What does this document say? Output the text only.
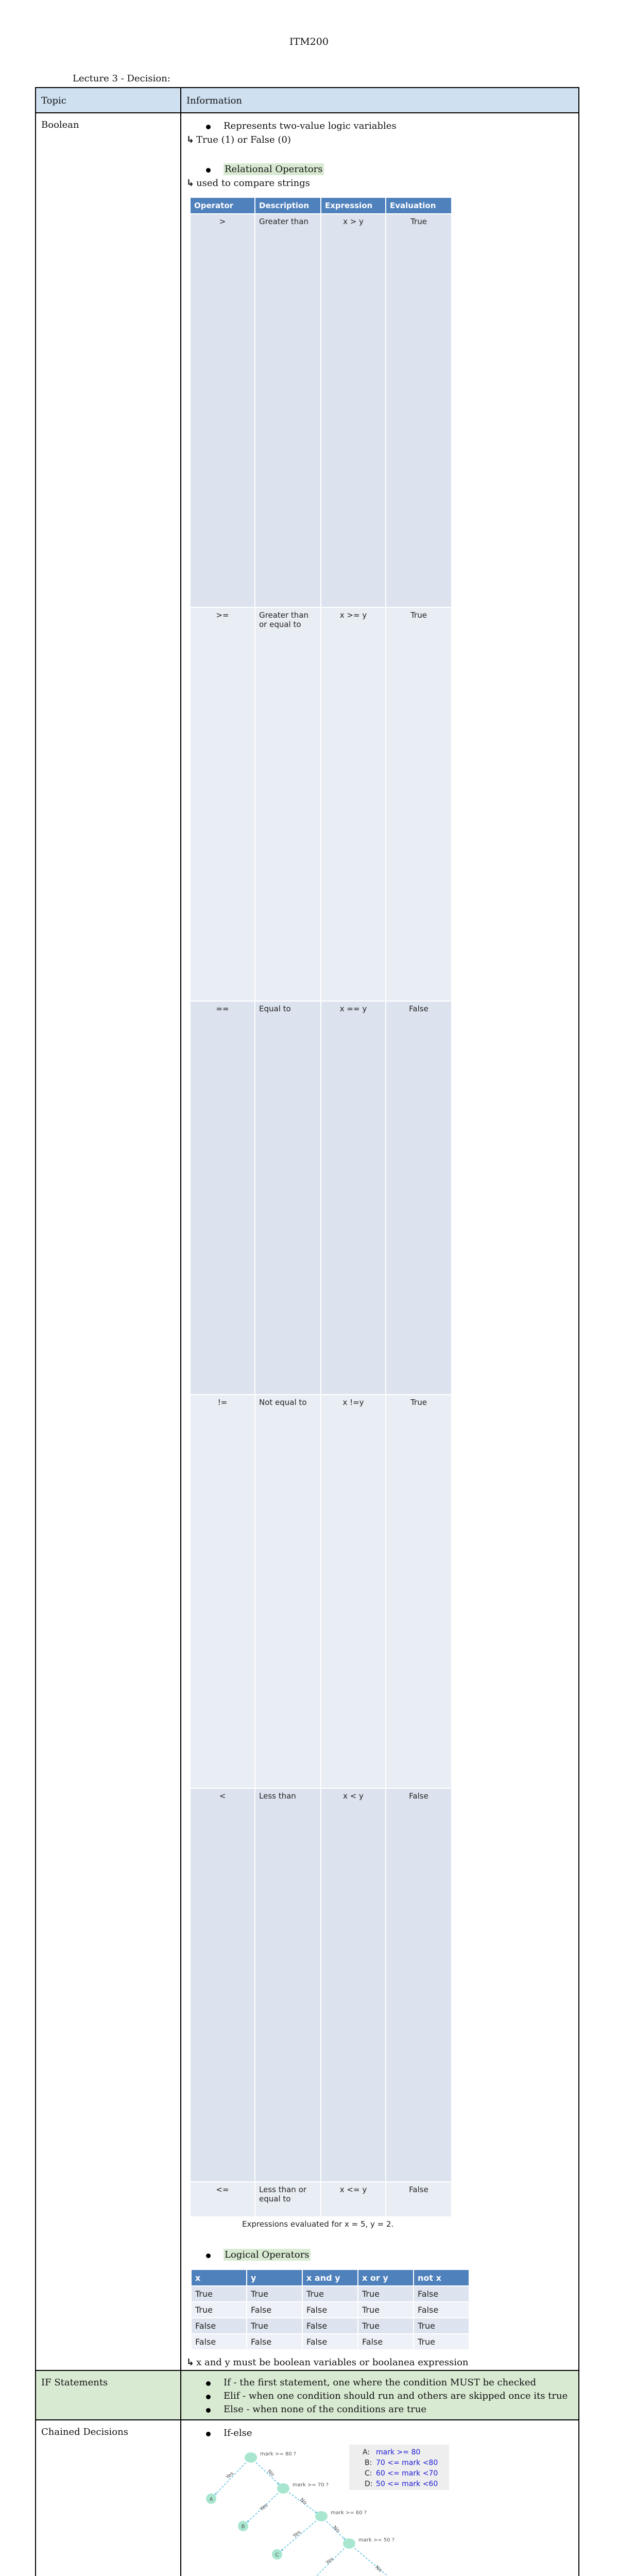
ITM200
Lecture 3 - Decision:
Topic	Information

Boolean	Represents two-value logic variables
↳ True (1) or False (0)
Relational Operators
↳ used to compare strings
Operator	Description	Expression	Evaluation
>	Greater than	x > y	True
>=	Greater than or equal to	x >= y	True
==	Equal to	x == y	False
!=	Not equal to	x !=y	True
<	Less than	x < y	False
<=	Less than or equal to	x <= y	False
Expressions evaluated for x = 5, y = 2.
Logical Operators
x	y	x and y	x or y	not x
True	True	True	True	False
True	False	False	True	False
False	True	False	True	True
False	False	False	False	True
↳ x and y must be boolean variables or boolanea expression

IF Statements	If - the first statement, one where the condition MUST be checked
Elif - when one condition should run and others are skipped once its true
Else - when none of the conditions are true

Chained Decisions	If-else
mark >= 80 ?
mark >= 70 ?
mark >= 60 ?
mark >= 50 ?
A
B
C
Yes
Yes
Yes
Yes
No
No
No
No
A: mark >= 80
B: 70 <= mark <80
C: 60 <= mark <70
D: 50 <= mark <60
